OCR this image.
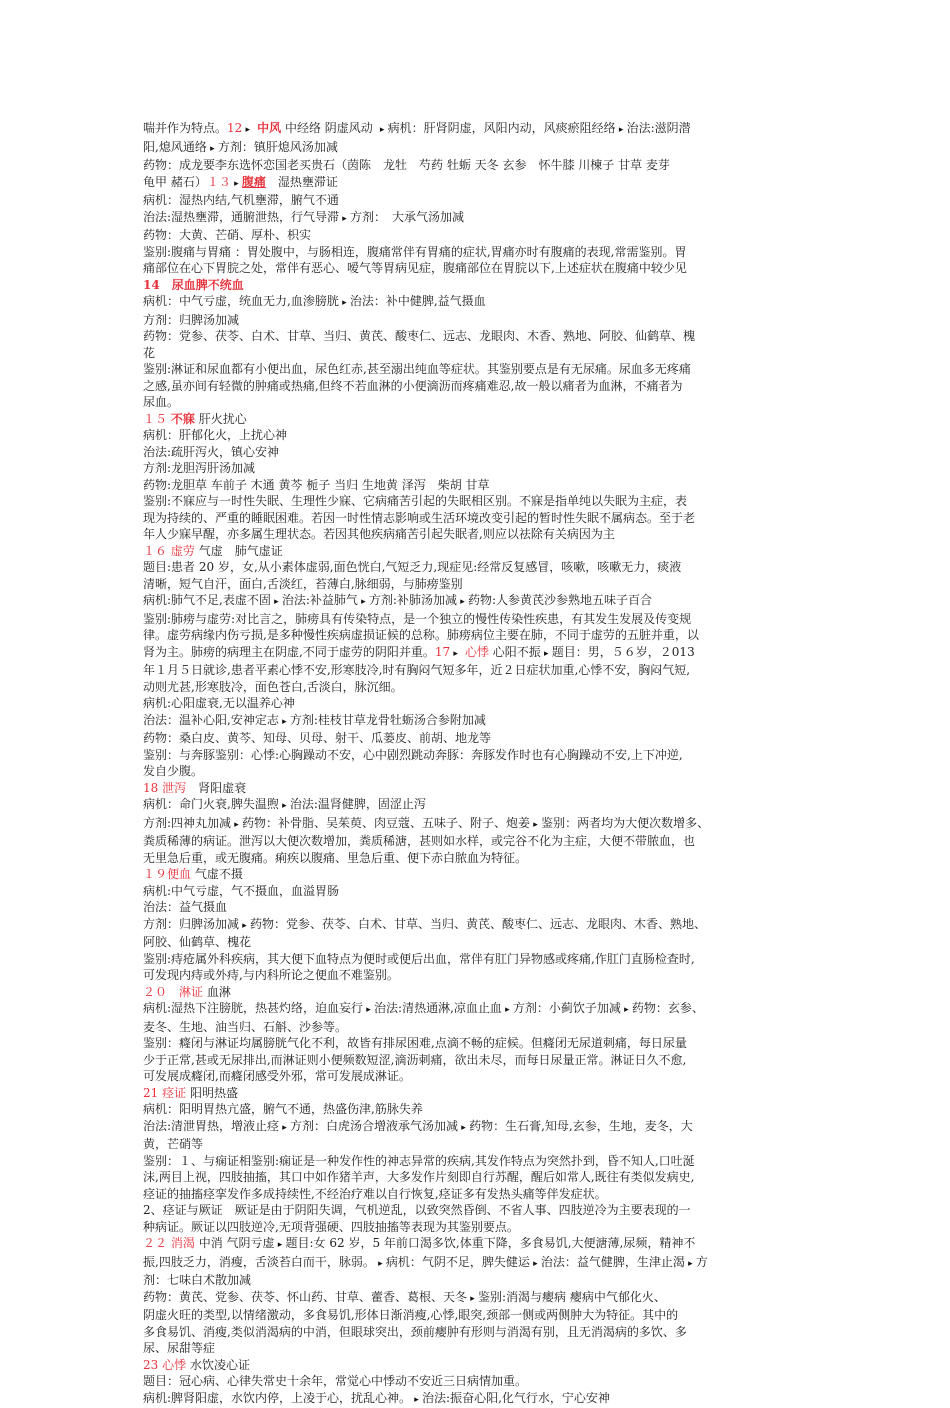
喘并作为特点。12 ▸ 中风 中经络 阴虚风动 ▸ 病机：肝肾阴虚，风阳内动，风痰瘀阻经络 ▸ 治法:滋阴潜
阳,熄风通络 ▸ 方剂：镇肝熄风汤加减
药物：成龙要李东选怀恋国老买贵石（茵陈　龙牡　芍药 牡蛎 天冬 玄参　怀牛膝 川楝子 甘草 麦芽
龟甲 赭石）１３ ▸ 腹痛　 湿热壅滞证
病机：湿热内结,气机壅滞，腑气不通
治法:湿热壅滞，通腑泄热，行气导滞 ▸ 方剂：　大承气汤加减
药物：大黄、芒硝、厚朴、枳实
鉴别:腹痛与胃痛 ：胃处腹中，与肠相连，腹痛常伴有胃痛的症状,胃痛亦时有腹痛的表现,常需鉴别。胃
痛部位在心下胃脘之处，常伴有恶心、嗳气等胃病见症，腹痛部位在胃脘以下,上述症状在腹痛中较少见
14　尿血脾不统血
病机：中气亏虚，统血无力,血渗膀胱 ▸ 治法：补中健脾,益气摄血
方剂：归脾汤加减
药物：党参、茯苓、白术、甘草、当归、黄芪、酸枣仁、远志、龙眼肉、木香、熟地、阿胶、仙鹤草、槐
花
鉴别:淋证和尿血都有小便出血，尿色红赤,甚至溺出纯血等症状。其鉴别要点是有无尿痛。尿血多无疼痛
之感,虽亦间有轻微的肿痛或热痛,但终不若血淋的小便滴沥而疼痛难忍,故一般以痛者为血淋，不痛者为
尿血。
１５ 不寐 肝火扰心
病机：肝郁化火，上扰心神
治法:疏肝泻火，镇心安神
方剂:龙胆泻肝汤加减
药物:龙胆草 车前子 木通 黄芩 栀子 当归 生地黄 泽泻　柴胡 甘草
鉴别:不寐应与一时性失眠、生理性少寐、它病痛苦引起的失眠相区别。不寐是指单纯以失眠为主症，表
现为持续的、严重的睡眠困难。若因一时性情志影响或生活环境改变引起的暂时性失眠不属病态。至于老
年人少寐早醒，亦多属生理状态。若因其他疾病痛苦引起失眠者,则应以祛除有关病因为主
１６ 虚劳 气虚　肺气虚证
题目:患者 20 岁，女,从小素体虚弱,面色恍白,气短乏力,现症见:经常反复感冒，咳嗽，咳嗽无力，痰液
清晰，短气自汗，面白,舌淡红，苔薄白,脉细弱，与肺痨鉴别
病机:肺气不足,表虚不固 ▸ 治法:补益肺气 ▸ 方剂:补肺汤加减 ▸ 药物:人参黄芪沙参熟地五味子百合
鉴别:肺痨与虚劳:对比言之，肺痨具有传染特点，是一个独立的慢性传染性疾患，有其发生发展及传变规
律。虚劳病缘内伤亏损,是多种慢性疾病虚损证候的总称。肺痨病位主要在肺，不同于虚劳的五脏并重，以
肾为主。肺痨的病理主在阴虚,不同于虚劳的阴阳并重。17 ▸ 心悸 心阳不振 ▸ 题目：男，５６岁，２013
年１月５日就诊,患者平素心悸不安,形寒肢冷,时有胸闷气短多年，近２日症状加重,心悸不安，胸闷气短,
动则尤甚,形寒肢冷，面色苍白,舌淡白，脉沉细。
病机:心阳虚衰,无以温养心神
治法：温补心阳,安神定志 ▸ 方剂:桂枝甘草龙骨牡蛎汤合参附加减
药物：桑白皮、黄芩、知母、贝母、射干、瓜蒌皮、前胡、地龙等
鉴别：与奔豚鉴别：心悸:心胸躁动不安，心中剧烈跳动奔豚：奔豚发作时也有心胸躁动不安,上下冲逆,
发自少腹。
18 泄泻　 肾阳虚衰
病机：命门火衰,脾失温煦 ▸ 治法:温肾健脾，固涩止泻
方剂:四神丸加减 ▸ 药物：补骨脂、吴茱萸、肉豆蔻、五味子、附子、炮姜 ▸ 鉴别：两者均为大便次数增多、
粪质稀薄的病证。泄泻以大便次数增加，粪质稀溏，甚则如水样，或完谷不化为主症，大便不带脓血，也
无里急后重，或无腹痛。痢疾以腹痛、里急后重、便下赤白脓血为特征。
１９便血 气虚不摄
病机:中气亏虚，气不摄血，血溢胃肠
治法：益气摄血
方剂：归脾汤加减 ▸ 药物：党参、茯苓、白术、甘草、当归、黄芪、酸枣仁、远志、龙眼肉、木香、熟地、
阿胶、仙鹤草、槐花
鉴别:痔疮属外科疾病，其大便下血特点为便时或便后出血，常伴有肛门异物感或疼痛,作肛门直肠检查时,
可发现内痔或外痔,与内科所论之便血不难鉴别。
２０　 淋证 血淋
病机:湿热下注膀胱，热甚灼络，迫血妄行 ▸ 治法:清热通淋,凉血止血 ▸ 方剂：小蓟饮子加减 ▸ 药物：玄参、
麦冬、生地、油当归、石斛、沙参等。
鉴别：癃闭与淋证均属膀胱气化不利，故皆有排尿困难,点滴不畅的症候。但癃闭无尿道刺痛，每日尿量
少于正常,甚或无尿排出,而淋证则小便频数短涩,滴沥刺痛，欲出未尽，而每日尿量正常。淋证日久不愈,
可发展成癃闭,而癃闭感受外邪，常可发展成淋证。
21 痉证 阳明热盛
病机：阳明胃热亢盛，腑气不通，热盛伤津,筋脉失养
治法:清泄胃热，增液止痉 ▸ 方剂：白虎汤合增液承气汤加减 ▸ 药物：生石膏,知母,玄参，生地，麦冬，大
黄，芒硝等
鉴别：１、与痫证相鉴别:痫证是一种发作性的神志异常的疾病,其发作特点为突然扑到，昏不知人,口吐涎
沫,两目上视，四肢抽搐，其口中如作猪羊声，大多发作片刻即自行苏醒，醒后如常人,既往有类似发病史,
痉证的抽搐痉挛发作多成持续性,不经治疗难以自行恢复,痉证多有发热头痛等伴发症状。
2、痉证与厥证　厥证是由于阴阳失调，气机逆乱，以致突然昏倒、不省人事、四肢逆冷为主要表现的一
种病证。厥证以四肢逆冷,无项背强硬、四肢抽搐等表现为其鉴别要点。
２２ 消渴 中消 气阴亏虚 ▸ 题目:女 62 岁，5 年前口渴多饮,体重下降，多食易饥,大便溏薄,尿频，精神不
振,四肢乏力，消瘦，舌淡苔白而干，脉弱。 ▸ 病机：气阴不足，脾失健运 ▸ 治法：益气健脾，生津止渴 ▸ 方
剂：七味白术散加减
药物：黄芪、党参、茯苓、怀山药、甘草、藿香、葛根、天冬 ▸ 鉴别:消渴与瘿病 瘿病中气郁化火、
阴虚火旺的类型,以情绪激动，多食易饥,形体日渐消瘦,心悸,眼突,颈部一侧或两侧肿大为特征。其中的
多食易饥、消瘦,类似消渴病的中消，但眼球突出，颈前瘿肿有形则与消渴有别，且无消渴病的多饮、多
尿、尿甜等症
23 心悸 水饮凌心证
题目：冠心病、心律失常史十余年，常觉心中悸动不安近三日病情加重。
病机:脾肾阳虚，水饮内停，上凌于心，扰乱心神。 ▸ 治法:振奋心阳,化气行水，宁心安神
